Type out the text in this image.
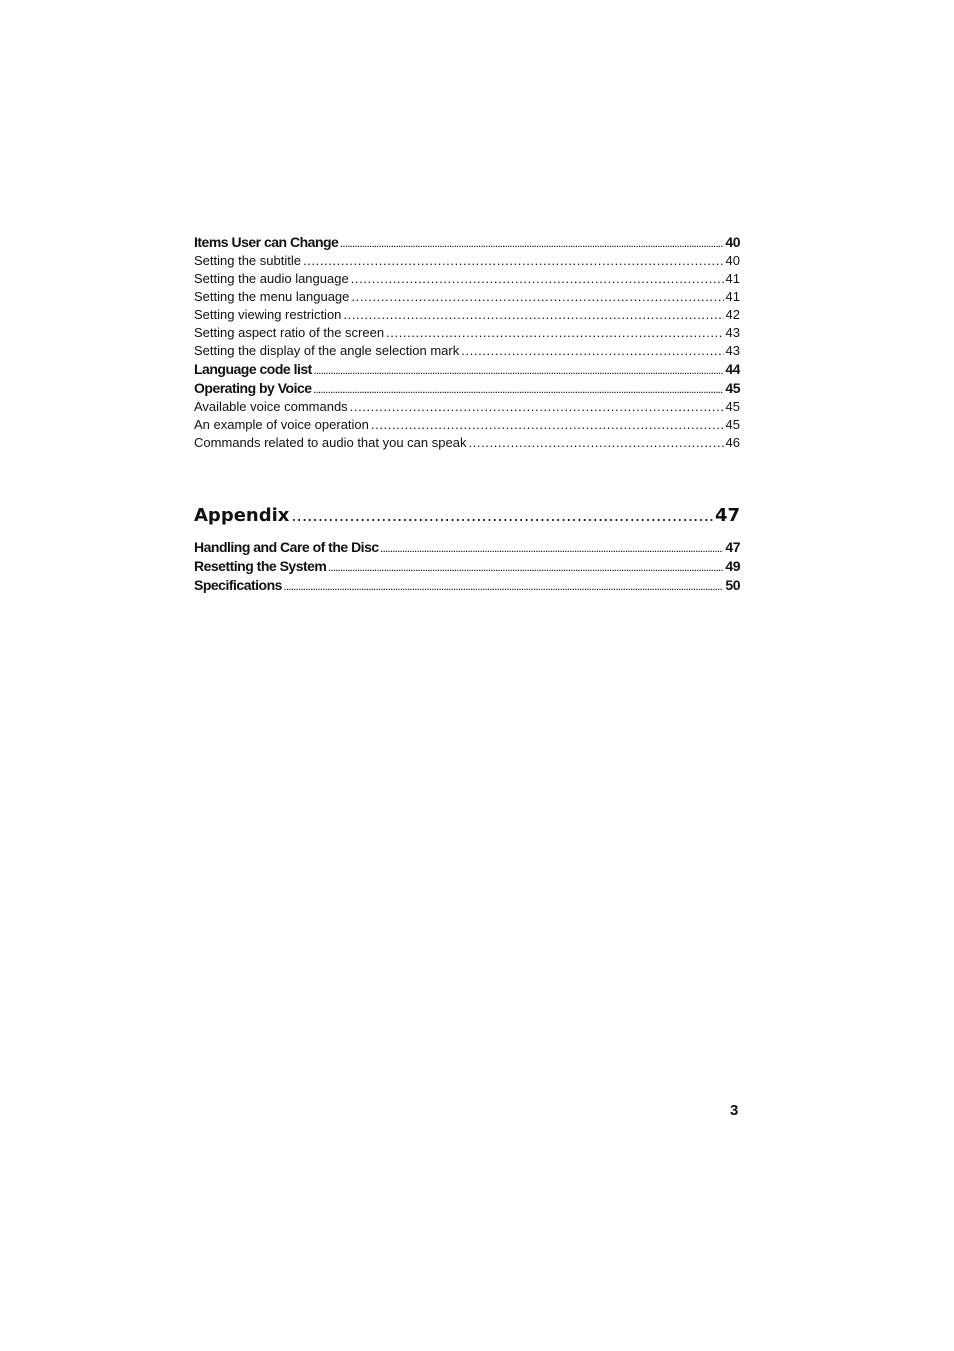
Items User can Change .....	40
Setting the subtitle .....	40
Setting the audio language .....	41
Setting the menu language .....	41
Setting viewing restriction .....	42
Setting aspect ratio of the screen .....	43
Setting the display of the angle selection mark .....	43
Language code list .....	44
Operating by Voice .....	45
Available voice commands .....	45
An example of voice operation .....	45
Commands related to audio that you can speak .....	46
Appendix .....	47
Handling and Care of the Disc .....	47
Resetting the System .....	49
Specifications .....	50
3
